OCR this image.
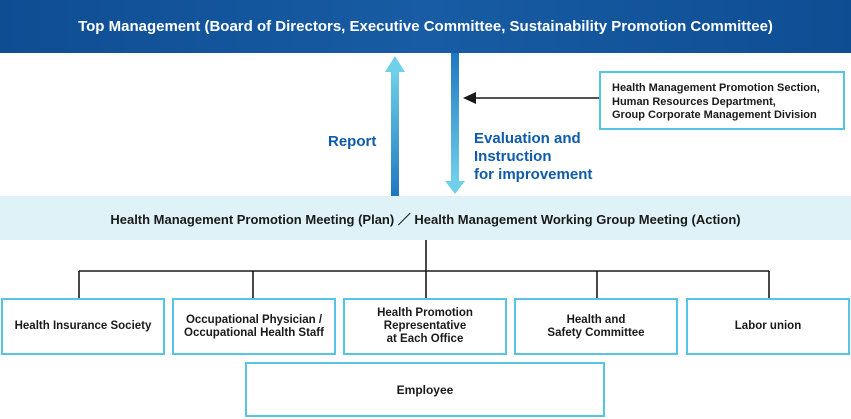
Top Management (Board of Directors, Executive Committee, Sustainability Promotion Committee)
Report	Evaluation and
Instruction
for improvement
Health Management Promotion Section,
Human Resources Department,
Group Corporate Management Division
Health Management Promotion Meeting (Plan) ／ Health Management Working Group Meeting (Action)
Health Insurance Society
Occupational Physician /
Occupational Health Staff
Health Promotion
Representative
at Each Office
Health and
Safety Committee
Labor union
Employee
